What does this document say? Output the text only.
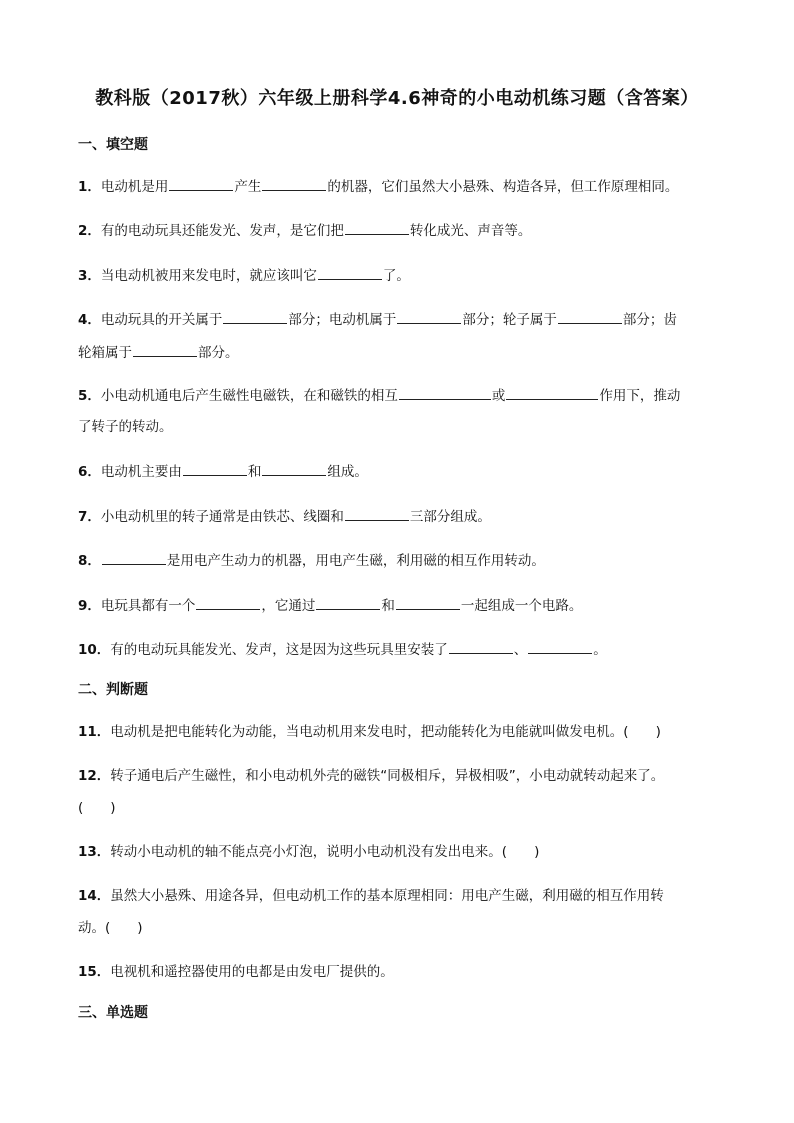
教科版（2017秋）六年级上册科学4.6神奇的小电动机练习题（含答案）
一、填空题
1．电动机是用	产生	的机器，它们虽然大小悬殊、构造各异，但工作原理相同。
2．有的电动玩具还能发光、发声，是它们把	转化成光、声音等。
3．当电动机被用来发电时，就应该叫它	了。
4．电动玩具的开关属于	部分；电动机属于	部分；轮子属于	部分；齿
轮箱属于	部分。
5．小电动机通电后产生磁性电磁铁，在和磁铁的相互	或	作用下，推动
了转子的转动。
6．电动机主要由	和	组成。
7．小电动机里的转子通常是由铁芯、线圈和	三部分组成。
8．	是用电产生动力的机器，用电产生磁，利用磁的相互作用转动。
9．电玩具都有一个	，它通过	和	一起组成一个电路。
10．有的电动玩具能发光、发声，这是因为这些玩具里安装了	、	。
二、判断题
11．电动机是把电能转化为动能，当电动机用来发电时，把动能转化为电能就叫做发电机。(　　)
12．转子通电后产生磁性，和小电动机外壳的磁铁“同极相斥，异极相吸”，小电动就转动起来了。
(　　)
13．转动小电动机的轴不能点亮小灯泡，说明小电动机没有发出电来。(　　)
14．虽然大小悬殊、用途各异，但电动机工作的基本原理相同：用电产生磁，利用磁的相互作用转
动。(　　)
15．电视机和遥控器使用的电都是由发电厂提供的。
三、单选题
